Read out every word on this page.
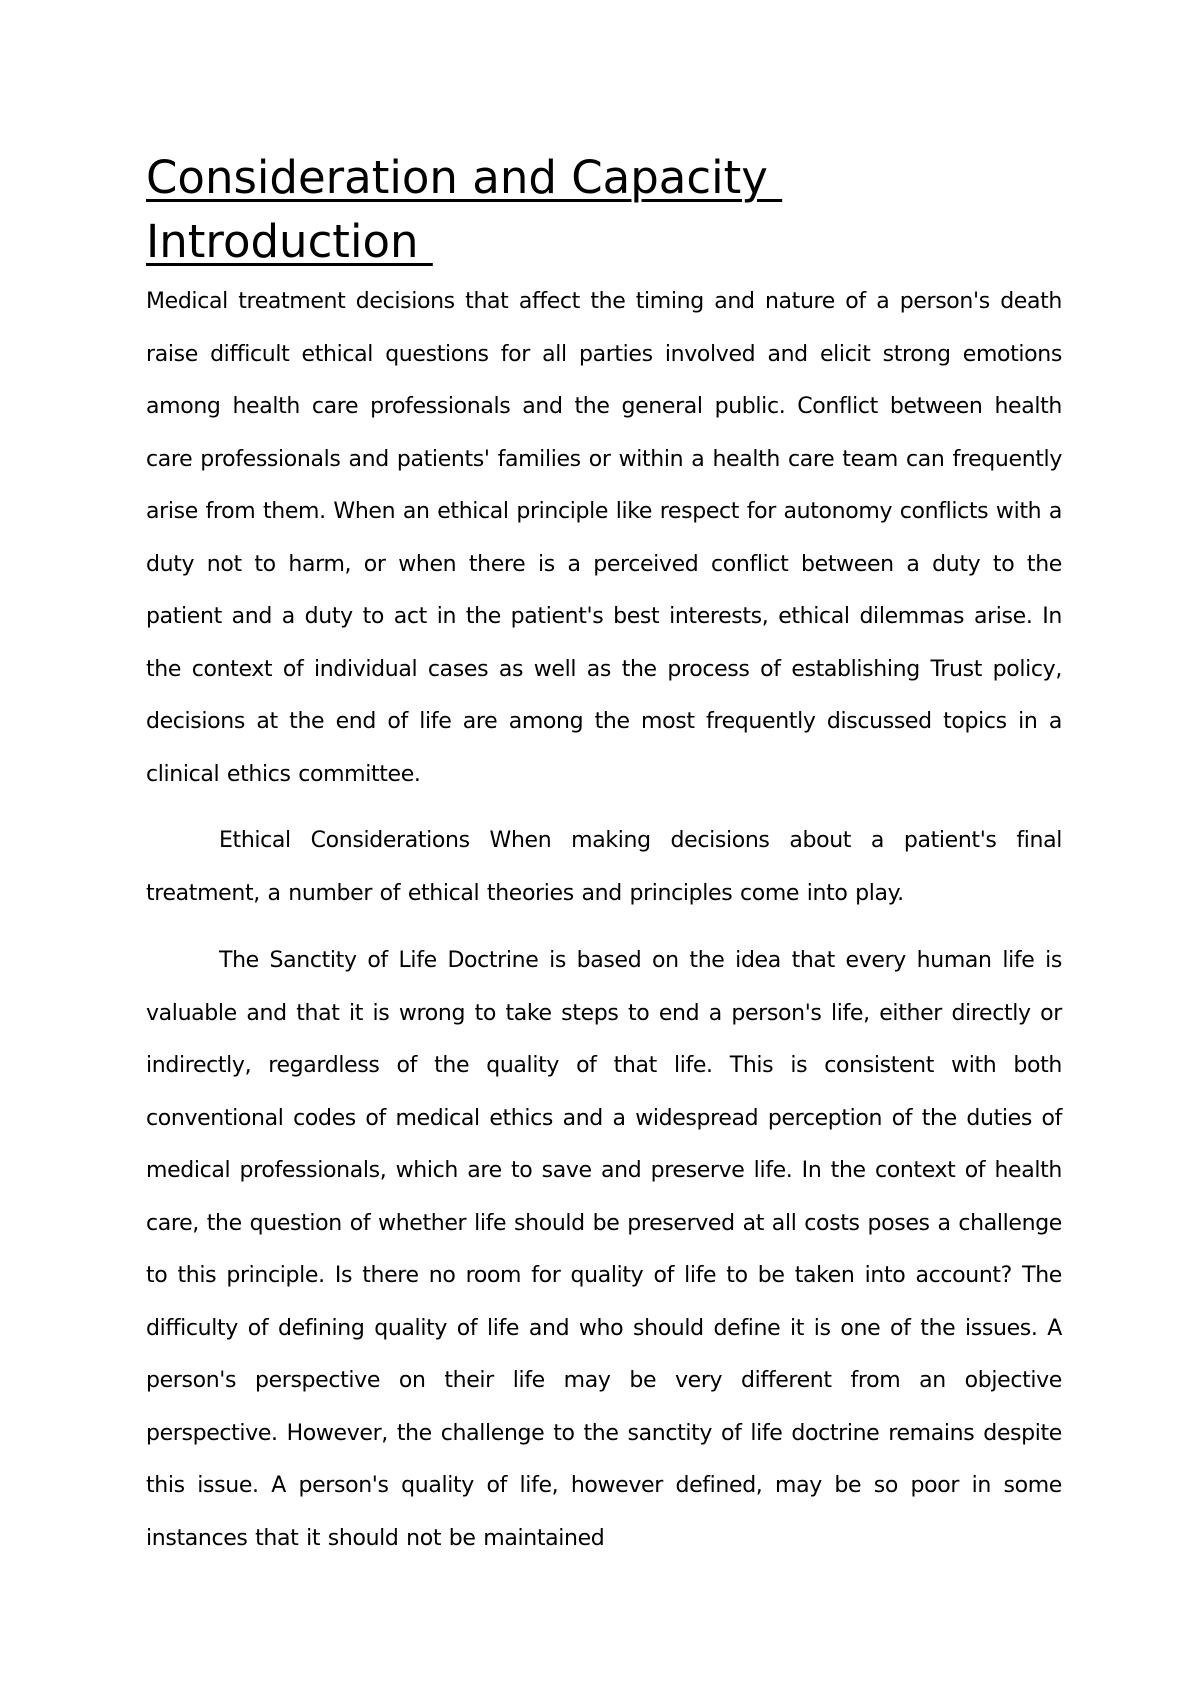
Consideration and Capacity
Introduction

Medical treatment decisions that affect the timing and nature of a person's death raise difficult ethical questions for all parties involved and elicit strong emotions among health care professionals and the general public. Conflict between health care professionals and patients' families or within a health care team can frequently arise from them. When an ethical principle like respect for autonomy conflicts with a duty not to harm, or when there is a perceived conflict between a duty to the patient and a duty to act in the patient's best interests, ethical dilemmas arise. In the context of individual cases as well as the process of establishing Trust policy, decisions at the end of life are among the most frequently discussed topics in a clinical ethics committee.

Ethical Considerations When making decisions about a patient's final treatment, a number of ethical theories and principles come into play.

The Sanctity of Life Doctrine is based on the idea that every human life is valuable and that it is wrong to take steps to end a person's life, either directly or indirectly, regardless of the quality of that life. This is consistent with both conventional codes of medical ethics and a widespread perception of the duties of medical professionals, which are to save and preserve life. In the context of health care, the question of whether life should be preserved at all costs poses a challenge to this principle. Is there no room for quality of life to be taken into account? The difficulty of defining quality of life and who should define it is one of the issues. A person's perspective on their life may be very different from an objective perspective. However, the challenge to the sanctity of life doctrine remains despite this issue. A person's quality of life, however defined, may be so poor in some instances that it should not be maintained
